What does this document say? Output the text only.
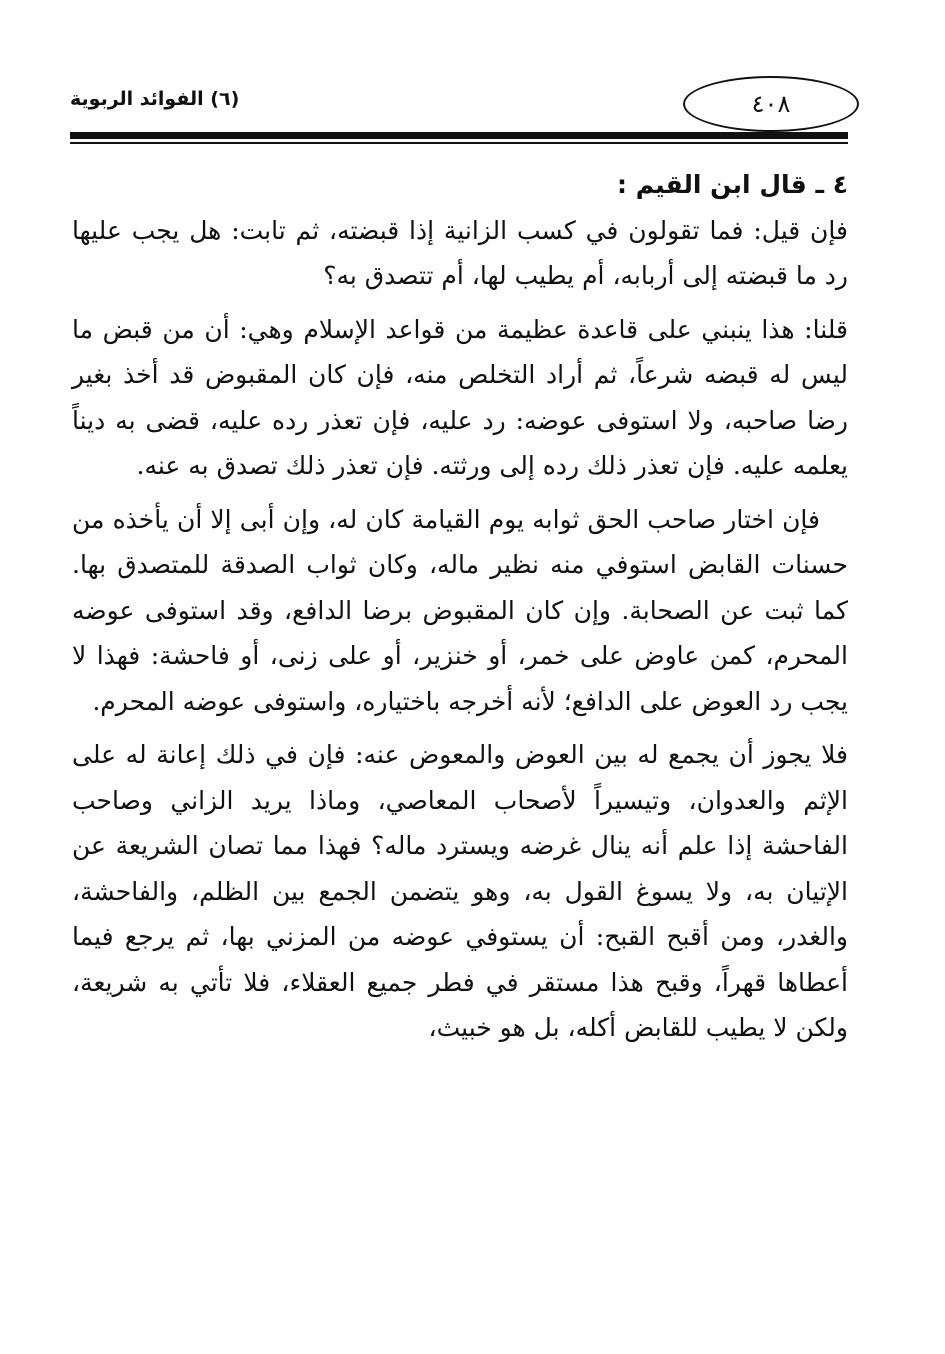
(٦) الفوائد الربوية	٤٠٨
٤ ـ قال ابن القيم :

فإن قيل: فما تقولون في كسب الزانية إذا قبضته، ثم تابت: هل يجب عليها رد ما قبضته إلى أربابه، أم يطيب لها، أم تتصدق به؟

قلنا: هذا ينبني على قاعدة عظيمة من قواعد الإسلام وهي: أن من قبض ما ليس له قبضه شرعاً، ثم أراد التخلص منه، فإن كان المقبوض قد أخذ بغير رضا صاحبه، ولا استوفى عوضه: رد عليه، فإن تعذر رده عليه، قضى به ديناً يعلمه عليه. فإن تعذر ذلك رده إلى ورثته. فإن تعذر ذلك تصدق به عنه.

فإن اختار صاحب الحق ثوابه يوم القيامة كان له، وإن أبى إلا أن يأخذه من حسنات القابض استوفي منه نظير ماله، وكان ثواب الصدقة للمتصدق بها. كما ثبت عن الصحابة. وإن كان المقبوض برضا الدافع، وقد استوفى عوضه المحرم، كمن عاوض على خمر، أو خنزير، أو على زنى، أو فاحشة: فهذا لا يجب رد العوض على الدافع؛ لأنه أخرجه باختياره، واستوفى عوضه المحرم.

فلا يجوز أن يجمع له بين العوض والمعوض عنه: فإن في ذلك إعانة له على الإثم والعدوان، وتيسيراً لأصحاب المعاصي، وماذا يريد الزاني وصاحب الفاحشة إذا علم أنه ينال غرضه ويسترد ماله؟ فهذا مما تصان الشريعة عن الإتيان به، ولا يسوغ القول به، وهو يتضمن الجمع بين الظلم، والفاحشة، والغدر، ومن أقبح القبح: أن يستوفي عوضه من المزني بها، ثم يرجع فيما أعطاها قهراً، وقبح هذا مستقر في فطر جميع العقلاء، فلا تأتي به شريعة، ولكن لا يطيب للقابض أكله، بل هو خبيث،
